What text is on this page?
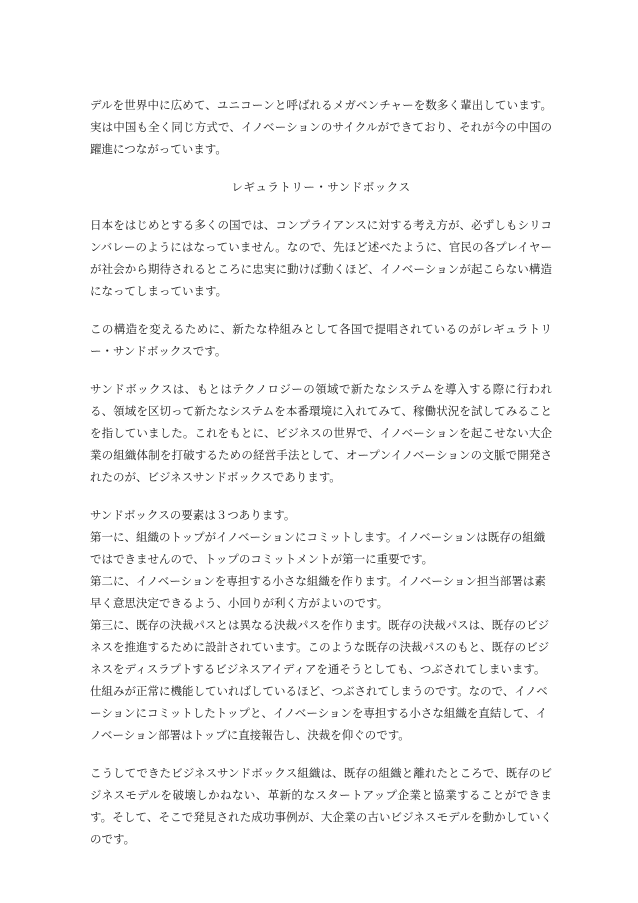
デルを世界中に広めて、ユニコーンと呼ばれるメガベンチャーを数多く輩出しています。実は中国も全く同じ方式で、イノベーションのサイクルができており、それが今の中国の躍進につながっています。

レギュラトリー・サンドボックス

日本をはじめとする多くの国では、コンプライアンスに対する考え方が、必ずしもシリコンバレーのようにはなっていません。なので、先ほど述べたように、官民の各プレイヤーが社会から期待されるところに忠実に動けば動くほど、イノベーションが起こらない構造になってしまっています。

この構造を変えるために、新たな枠組みとして各国で提唱されているのがレギュラトリー・サンドボックスです。

サンドボックスは、もとはテクノロジーの領域で新たなシステムを導入する際に行われる、領域を区切って新たなシステムを本番環境に入れてみて、稼働状況を試してみることを指していました。これをもとに、ビジネスの世界で、イノベーションを起こせない大企業の組織体制を打破するための経営手法として、オープンイノベーションの文脈で開発されたのが、ビジネスサンドボックスであります。

サンドボックスの要素は３つあります。

第一に、組織のトップがイノベーションにコミットします。イノベーションは既存の組織ではできませんので、トップのコミットメントが第一に重要です。

第二に、イノベーションを専担する小さな組織を作ります。イノベーション担当部署は素早く意思決定できるよう、小回りが利く方がよいのです。

第三に、既存の決裁パスとは異なる決裁パスを作ります。既存の決裁パスは、既存のビジネスを推進するために設計されています。このような既存の決裁パスのもと、既存のビジネスをディスラプトするビジネスアイディアを通そうとしても、つぶされてしまいます。仕組みが正常に機能していればしているほど、つぶされてしまうのです。なので、イノベーションにコミットしたトップと、イノベーションを専担する小さな組織を直結して、イノベーション部署はトップに直接報告し、決裁を仰ぐのです。

こうしてできたビジネスサンドボックス組織は、既存の組織と離れたところで、既存のビジネスモデルを破壊しかねない、革新的なスタートアップ企業と協業することができます。そして、そこで発見された成功事例が、大企業の古いビジネスモデルを動かしていくのです。
